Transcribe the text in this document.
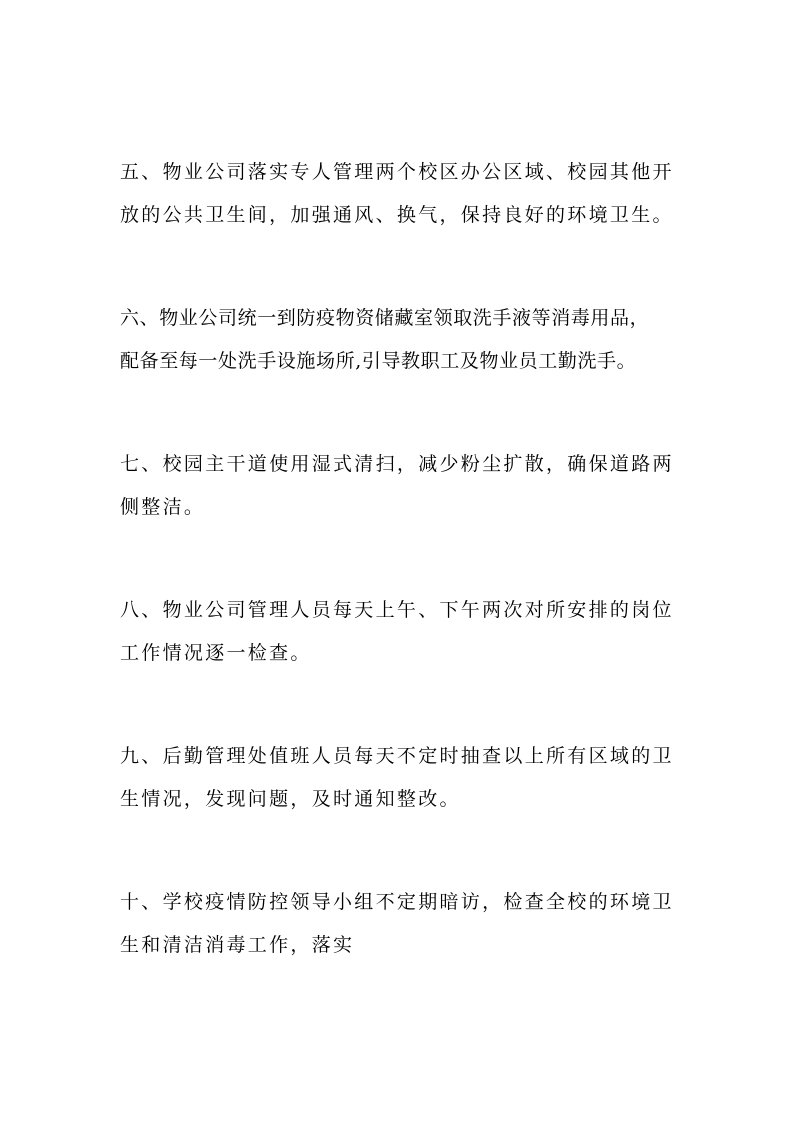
五、物业公司落实专人管理两个校区办公区域、校园其他开
放的公共卫生间，加强通风、换气，保持良好的环境卫生。
六、物业公司统一到防疫物资储藏室领取洗手液等消毒用品，
配备至每一处洗手设施场所,引导教职工及物业员工勤洗手。
七、校园主干道使用湿式清扫，减少粉尘扩散，确保道路两
侧整洁。
八、物业公司管理人员每天上午、下午两次对所安排的岗位
工作情况逐一检查。
九、后勤管理处值班人员每天不定时抽查以上所有区域的卫
生情况，发现问题，及时通知整改。
十、学校疫情防控领导小组不定期暗访，检查全校的环境卫
生和清洁消毒工作，落实
